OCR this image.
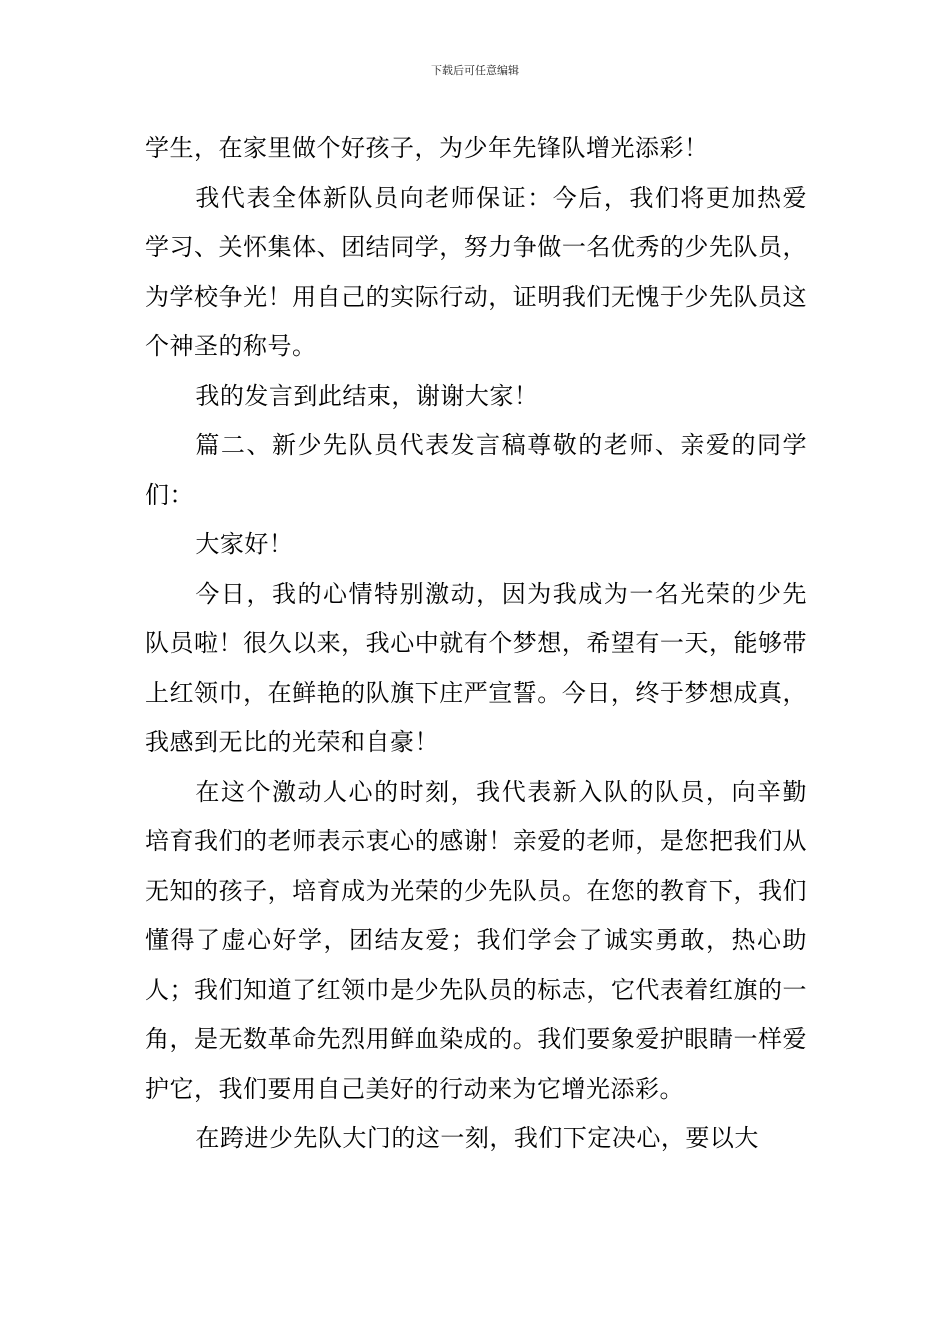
下载后可任意编辑

学生，在家里做个好孩子，为少年先锋队增光添彩！

我代表全体新队员向老师保证：今后，我们将更加热爱学习、关怀集体、团结同学，努力争做一名优秀的少先队员，为学校争光！用自己的实际行动，证明我们无愧于少先队员这个神圣的称号。

我的发言到此结束，谢谢大家！

篇二、新少先队员代表发言稿尊敬的老师、亲爱的同学们：

大家好！

今日，我的心情特别激动，因为我成为一名光荣的少先队员啦！很久以来，我心中就有个梦想，希望有一天，能够带上红领巾，在鲜艳的队旗下庄严宣誓。今日，终于梦想成真，我感到无比的光荣和自豪！

在这个激动人心的时刻，我代表新入队的队员，向辛勤培育我们的老师表示衷心的感谢！亲爱的老师，是您把我们从无知的孩子，培育成为光荣的少先队员。在您的教育下，我们懂得了虚心好学，团结友爱；我们学会了诚实勇敢，热心助人；我们知道了红领巾是少先队员的标志，它代表着红旗的一角，是无数革命先烈用鲜血染成的。我们要象爱护眼睛一样爱护它，我们要用自己美好的行动来为它增光添彩。

在跨进少先队大门的这一刻，我们下定决心，要以大
